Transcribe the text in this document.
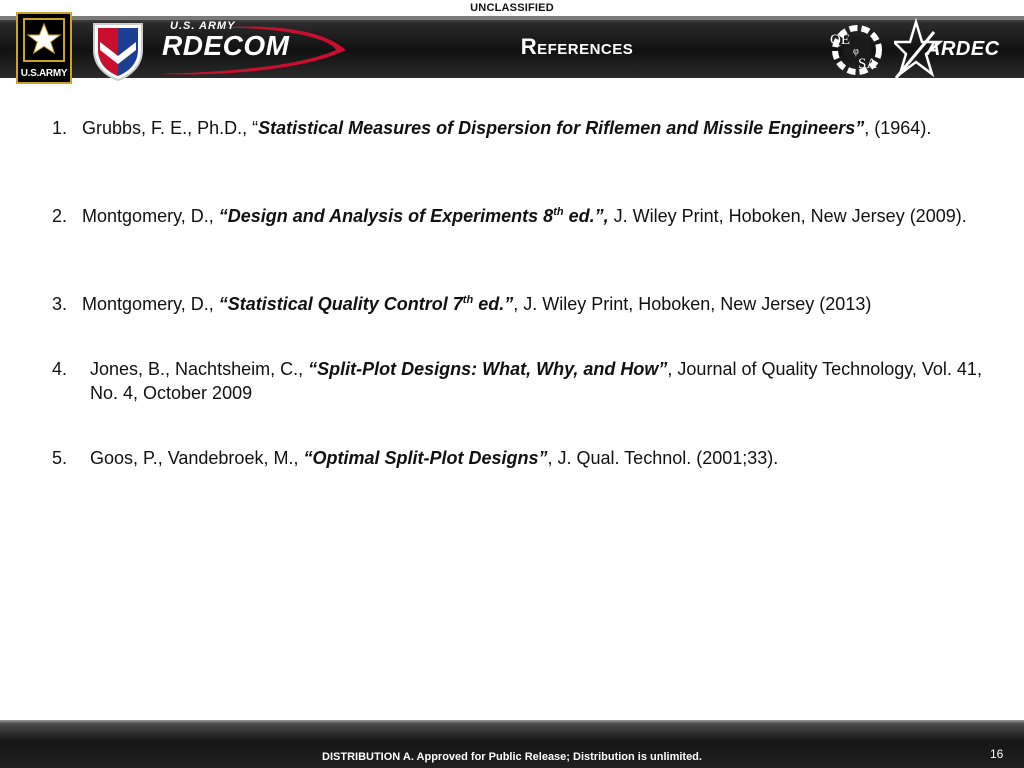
UNCLASSIFIED
U.S.ARMY
U.S. ARMY
RDECOM	References	QE
SA
φ	ARDEC

1. Grubbs, F. E., Ph.D., “Statistical Measures of Dispersion for Riflemen and Missile Engineers”, (1964).

2. Montgomery, D., “Design and Analysis of Experiments 8th ed.”, J. Wiley Print, Hoboken, New Jersey (2009).

3. Montgomery, D., “Statistical Quality Control 7th ed.”, J. Wiley Print, Hoboken, New Jersey (2013)

4. Jones, B., Nachtsheim, C., “Split-Plot Designs: What, Why, and How”, Journal of Quality Technology, Vol. 41, No. 4, October 2009

5. Goos, P., Vandebroek, M., “Optimal Split-Plot Designs”, J. Qual. Technol. (2001;33).

DISTRIBUTION A. Approved for Public Release; Distribution is unlimited.	16
